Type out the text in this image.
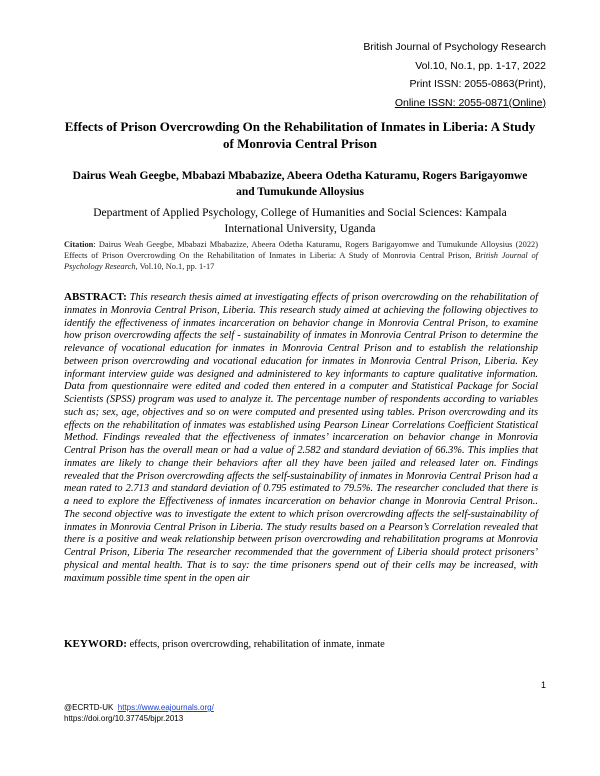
British Journal of Psychology Research
Vol.10, No.1, pp. 1-17, 2022
Print ISSN: 2055-0863(Print),
Online ISSN: 2055-0871(Online)
Effects of Prison Overcrowding On the Rehabilitation of Inmates in Liberia: A Study of Monrovia Central Prison
Dairus Weah Geegbe, Mbabazi Mbabazize, Abeera Odetha Katuramu, Rogers Barigayomwe and Tumukunde Alloysius
Department of Applied Psychology, College of Humanities and Social Sciences: Kampala International University, Uganda
Citation: Dairus Weah Geegbe, Mbabazi Mbabazize, Abeera Odetha Katuramu, Rogers Barigayomwe and Tumukunde Alloysius (2022) Effects of Prison Overcrowding On the Rehabilitation of Inmates in Liberia: A Study of Monrovia Central Prison, British Journal of Psychology Research, Vol.10, No.1, pp. 1-17
ABSTRACT: This research thesis aimed at investigating effects of prison overcrowding on the rehabilitation of inmates in Monrovia Central Prison, Liberia. This research study aimed at achieving the following objectives to identify the effectiveness of inmates incarceration on behavior change in Monrovia Central Prison, to examine how prison overcrowding affects the self - sustainability of inmates in Monrovia Central Prison to determine the relevance of vocational education for inmates in Monrovia Central Prison and to establish the relationship between prison overcrowding and vocational education for inmates in Monrovia Central Prison, Liberia. Key informant interview guide was designed and administered to key informants to capture qualitative information. Data from questionnaire were edited and coded then entered in a computer and Statistical Package for Social Scientists (SPSS) program was used to analyze it. The percentage number of respondents according to variables such as; sex, age, objectives and so on were computed and presented using tables. Prison overcrowding and its effects on the rehabilitation of inmates was established using Pearson Linear Correlations Coefficient Statistical Method. Findings revealed that the effectiveness of inmates’ incarceration on behavior change in Monrovia Central Prison has the overall mean or had a value of 2.582 and standard deviation of 66.3%. This implies that inmates are likely to change their behaviors after all they have been jailed and released later on. Findings revealed that the Prison overcrowding affects the self-sustainability of inmates in Monrovia Central Prison had a mean rated to 2.713 and standard deviation of 0.795 estimated to 79.5%. The researcher concluded that there is a need to explore the Effectiveness of inmates incarceration on behavior change in Monrovia Central Prison.. The second objective was to investigate the extent to which prison overcrowding affects the self-sustainability of inmates in Monrovia Central Prison in Liberia. The study results based on a Pearson’s Correlation revealed that there is a positive and weak relationship between prison overcrowding and rehabilitation programs at Monrovia Central Prison, Liberia The researcher recommended that the government of Liberia should protect prisoners’ physical and mental health. That is to say: the time prisoners spend out of their cells may be increased, with maximum possible time spent in the open air
KEYWORD: effects, prison overcrowding, rehabilitation of inmate, inmate
1
@ECRTD-UK https://www.eajournals.org/
https://doi.org/10.37745/bjpr.2013
